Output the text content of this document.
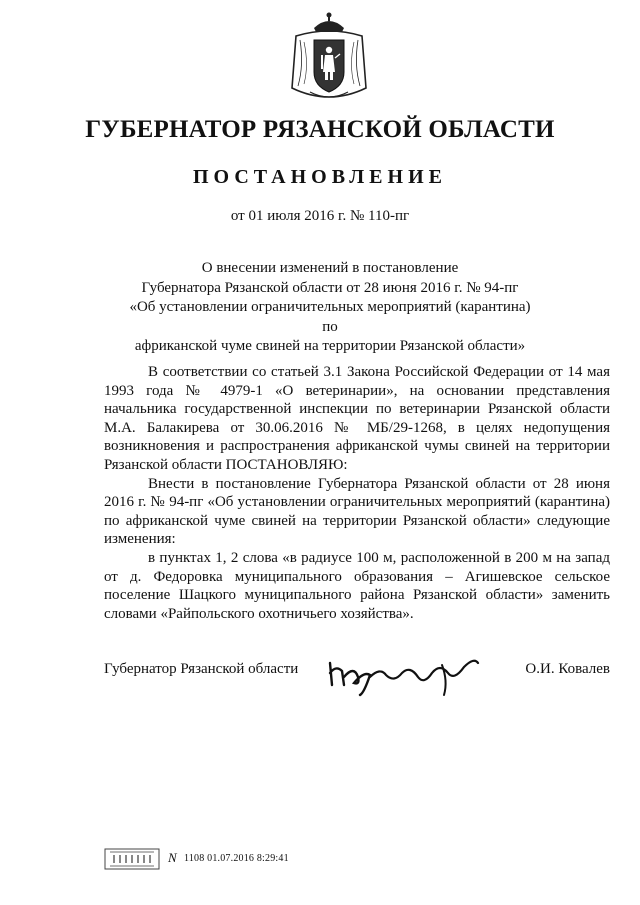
ГУБЕРНАТОР РЯЗАНСКОЙ ОБЛАСТИ
ПОСТАНОВЛЕНИЕ
от 01 июля 2016 г. № 110-пг
О внесении изменений в постановление
Губернатора Рязанской области от 28 июня 2016 г. № 94-пг
«Об установлении ограничительных мероприятий (карантина) по
африканской чуме свиней на территории Рязанской области»

В соответствии со статьей 3.1 Закона Российской Федерации от 14 мая 1993 года № 4979-1 «О ветеринарии», на основании представления начальника государственной инспекции по ветеринарии Рязанской области М.А. Балакирева от 30.06.2016 № МБ/29-1268, в целях недопущения возникновения и распространения африканской чумы свиней на территории Рязанской области ПОСТАНОВЛЯЮ:

Внести в постановление Губернатора Рязанской области от 28 июня 2016 г. № 94-пг «Об установлении ограничительных мероприятий (карантина) по африканской чуме свиней на территории Рязанской области» следующие изменения:

в пунктах 1, 2 слова «в радиусе 100 м, расположенной в 200 м на запад от д. Федоровка муниципального образования – Агишевское сельское поселение Шацкого муниципального района Рязанской области» заменить словами «Райпольского охотничьего хозяйства».

Губернатор Рязанской области	О.И. Ковалев
N 1108 01.07.2016 8:29:41
